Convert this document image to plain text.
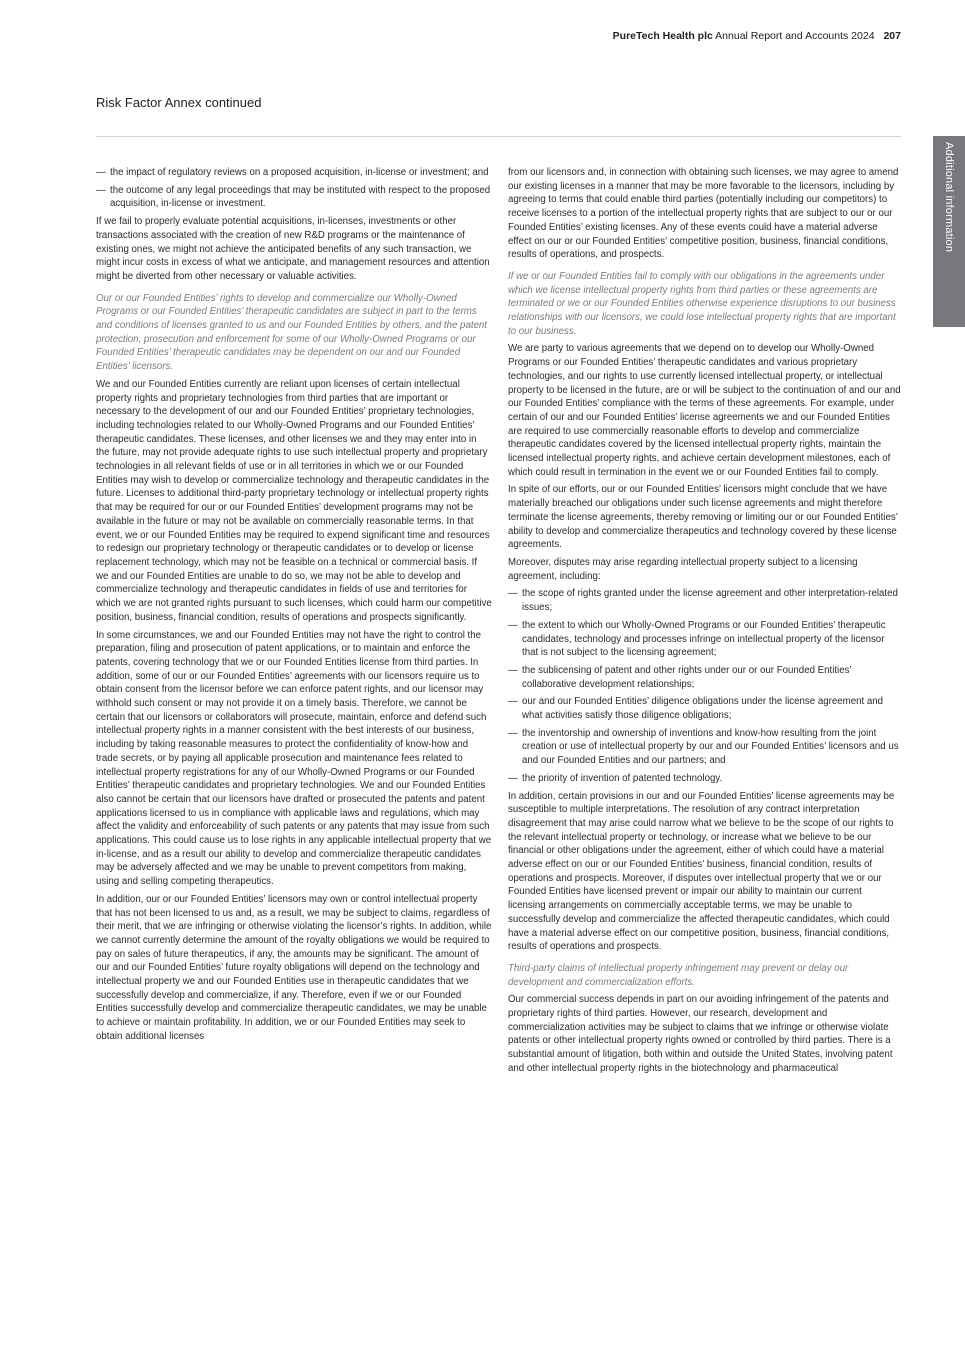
PureTech Health plc Annual Report and Accounts 2024 207
Risk Factor Annex continued
Additional information
— the impact of regulatory reviews on a proposed acquisition, in-license or investment; and
— the outcome of any legal proceedings that may be instituted with respect to the proposed acquisition, in-license or investment.

If we fail to properly evaluate potential acquisitions, in-licenses, investments or other transactions associated with the creation of new R&D programs or the maintenance of existing ones, we might not achieve the anticipated benefits of any such transaction, we might incur costs in excess of what we anticipate, and management resources and attention might be diverted from other necessary or valuable activities.

Our or our Founded Entities’ rights to develop and commercialize our Wholly-Owned Programs or our Founded Entities’ therapeutic candidates are subject in part to the terms and conditions of licenses granted to us and our Founded Entities by others, and the patent protection, prosecution and enforcement for some of our Wholly-Owned Programs or our Founded Entities’ therapeutic candidates may be dependent on our and our Founded Entities’ licensors.

We and our Founded Entities currently are reliant upon licenses of certain intellectual property rights and proprietary technologies from third parties that are important or necessary to the development of our and our Founded Entities’ proprietary technologies, including technologies related to our Wholly-Owned Programs and our Founded Entities’ therapeutic candidates. These licenses, and other licenses we and they may enter into in the future, may not provide adequate rights to use such intellectual property and proprietary technologies in all relevant fields of use or in all territories in which we or our Founded Entities may wish to develop or commercialize technology and therapeutic candidates in the future. Licenses to additional third-party proprietary technology or intellectual property rights that may be required for our or our Founded Entities’ development programs may not be available in the future or may not be available on commercially reasonable terms. In that event, we or our Founded Entities may be required to expend significant time and resources to redesign our proprietary technology or therapeutic candidates or to develop or license replacement technology, which may not be feasible on a technical or commercial basis. If we and our Founded Entities are unable to do so, we may not be able to develop and commercialize technology and therapeutic candidates in fields of use and territories for which we are not granted rights pursuant to such licenses, which could harm our competitive position, business, financial condition, results of operations and prospects significantly.

In some circumstances, we and our Founded Entities may not have the right to control the preparation, filing and prosecution of patent applications, or to maintain and enforce the patents, covering technology that we or our Founded Entities license from third parties. In addition, some of our or our Founded Entities’ agreements with our licensors require us to obtain consent from the licensor before we can enforce patent rights, and our licensor may withhold such consent or may not provide it on a timely basis. Therefore, we cannot be certain that our licensors or collaborators will prosecute, maintain, enforce and defend such intellectual property rights in a manner consistent with the best interests of our business, including by taking reasonable measures to protect the confidentiality of know-how and trade secrets, or by paying all applicable prosecution and maintenance fees related to intellectual property registrations for any of our Wholly-Owned Programs or our Founded Entities’ therapeutic candidates and proprietary technologies. We and our Founded Entities also cannot be certain that our licensors have drafted or prosecuted the patents and patent applications licensed to us in compliance with applicable laws and regulations, which may affect the validity and enforceability of such patents or any patents that may issue from such applications. This could cause us to lose rights in any applicable intellectual property that we in-license, and as a result our ability to develop and commercialize therapeutic candidates may be adversely affected and we may be unable to prevent competitors from making, using and selling competing therapeutics.

In addition, our or our Founded Entities’ licensors may own or control intellectual property that has not been licensed to us and, as a result, we may be subject to claims, regardless of their merit, that we are infringing or otherwise violating the licensor’s rights. In addition, while we cannot currently determine the amount of the royalty obligations we would be required to pay on sales of future therapeutics, if any, the amounts may be significant. The amount of our and our Founded Entities’ future royalty obligations will depend on the technology and intellectual property we and our Founded Entities use in therapeutic candidates that we successfully develop and commercialize, if any. Therefore, even if we or our Founded Entities successfully develop and commercialize therapeutic candidates, we may be unable to achieve or maintain profitability. In addition, we or our Founded Entities may seek to obtain additional licenses

from our licensors and, in connection with obtaining such licenses, we may agree to amend our existing licenses in a manner that may be more favorable to the licensors, including by agreeing to terms that could enable third parties (potentially including our competitors) to receive licenses to a portion of the intellectual property rights that are subject to our or our Founded Entities’ existing licenses. Any of these events could have a material adverse effect on our or our Founded Entities’ competitive position, business, financial conditions, results of operations, and prospects.

If we or our Founded Entities fail to comply with our obligations in the agreements under which we license intellectual property rights from third parties or these agreements are terminated or we or our Founded Entities otherwise experience disruptions to our business relationships with our licensors, we could lose intellectual property rights that are important to our business.

We are party to various agreements that we depend on to develop our Wholly-Owned Programs or our Founded Entities’ therapeutic candidates and various proprietary technologies, and our rights to use currently licensed intellectual property, or intellectual property to be licensed in the future, are or will be subject to the continuation of and our and our Founded Entities’ compliance with the terms of these agreements. For example, under certain of our and our Founded Entities’ license agreements we and our Founded Entities are required to use commercially reasonable efforts to develop and commercialize therapeutic candidates covered by the licensed intellectual property rights, maintain the licensed intellectual property rights, and achieve certain development milestones, each of which could result in termination in the event we or our Founded Entities fail to comply.

In spite of our efforts, our or our Founded Entities’ licensors might conclude that we have materially breached our obligations under such license agreements and might therefore terminate the license agreements, thereby removing or limiting our or our Founded Entities’ ability to develop and commercialize therapeutics and technology covered by these license agreements.

Moreover, disputes may arise regarding intellectual property subject to a licensing agreement, including:

— the scope of rights granted under the license agreement and other interpretation-related issues;
— the extent to which our Wholly-Owned Programs or our Founded Entities’ therapeutic candidates, technology and processes infringe on intellectual property of the licensor that is not subject to the licensing agreement;
— the sublicensing of patent and other rights under our or our Founded Entities’ collaborative development relationships;
— our and our Founded Entities’ diligence obligations under the license agreement and what activities satisfy those diligence obligations;
— the inventorship and ownership of inventions and know-how resulting from the joint creation or use of intellectual property by our and our Founded Entities’ licensors and us and our Founded Entities and our partners; and
— the priority of invention of patented technology.

In addition, certain provisions in our and our Founded Entities’ license agreements may be susceptible to multiple interpretations. The resolution of any contract interpretation disagreement that may arise could narrow what we believe to be the scope of our rights to the relevant intellectual property or technology, or increase what we believe to be our financial or other obligations under the agreement, either of which could have a material adverse effect on our or our Founded Entities’ business, financial condition, results of operations and prospects. Moreover, if disputes over intellectual property that we or our Founded Entities have licensed prevent or impair our ability to maintain our current licensing arrangements on commercially acceptable terms, we may be unable to successfully develop and commercialize the affected therapeutic candidates, which could have a material adverse effect on our competitive position, business, financial conditions, results of operations and prospects.

Third-party claims of intellectual property infringement may prevent or delay our development and commercialization efforts.

Our commercial success depends in part on our avoiding infringement of the patents and proprietary rights of third parties. However, our research, development and commercialization activities may be subject to claims that we infringe or otherwise violate patents or other intellectual property rights owned or controlled by third parties. There is a substantial amount of litigation, both within and outside the United States, involving patent and other intellectual property rights in the biotechnology and pharmaceutical
